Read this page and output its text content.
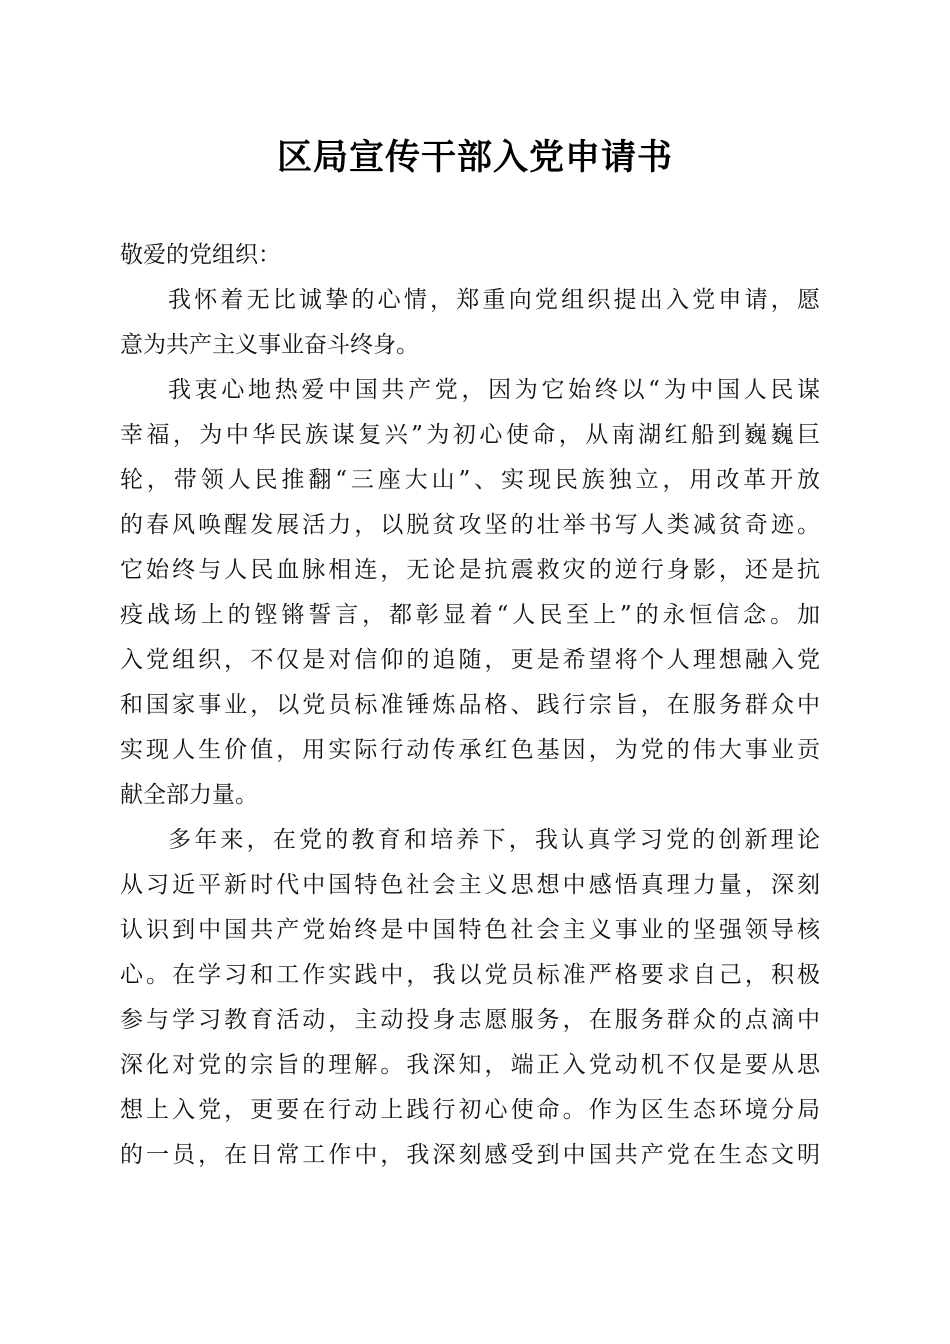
区局宣传干部入党申请书
敬爱的党组织：
我怀着无比诚挚的心情，郑重向党组织提出入党申请，愿
意为共产主义事业奋斗终身。
我衷心地热爱中国共产党，因为它始终以“为中国人民谋
幸福，为中华民族谋复兴”为初心使命，从南湖红船到巍巍巨
轮，带领人民推翻“三座大山”、实现民族独立，用改革开放
的春风唤醒发展活力，以脱贫攻坚的壮举书写人类减贫奇迹。
它始终与人民血脉相连，无论是抗震救灾的逆行身影，还是抗
疫战场上的铿锵誓言，都彰显着“人民至上”的永恒信念。加
入党组织，不仅是对信仰的追随，更是希望将个人理想融入党
和国家事业，以党员标准锤炼品格、践行宗旨，在服务群众中
实现人生价值，用实际行动传承红色基因，为党的伟大事业贡
献全部力量。
多年来，在党的教育和培养下，我认真学习党的创新理论
从习近平新时代中国特色社会主义思想中感悟真理力量，深刻
认识到中国共产党始终是中国特色社会主义事业的坚强领导核
心。在学习和工作实践中，我以党员标准严格要求自己，积极
参与学习教育活动，主动投身志愿服务，在服务群众的点滴中
深化对党的宗旨的理解。我深知，端正入党动机不仅是要从思
想上入党，更要在行动上践行初心使命。作为区生态环境分局
的一员，在日常工作中，我深刻感受到中国共产党在生态文明
